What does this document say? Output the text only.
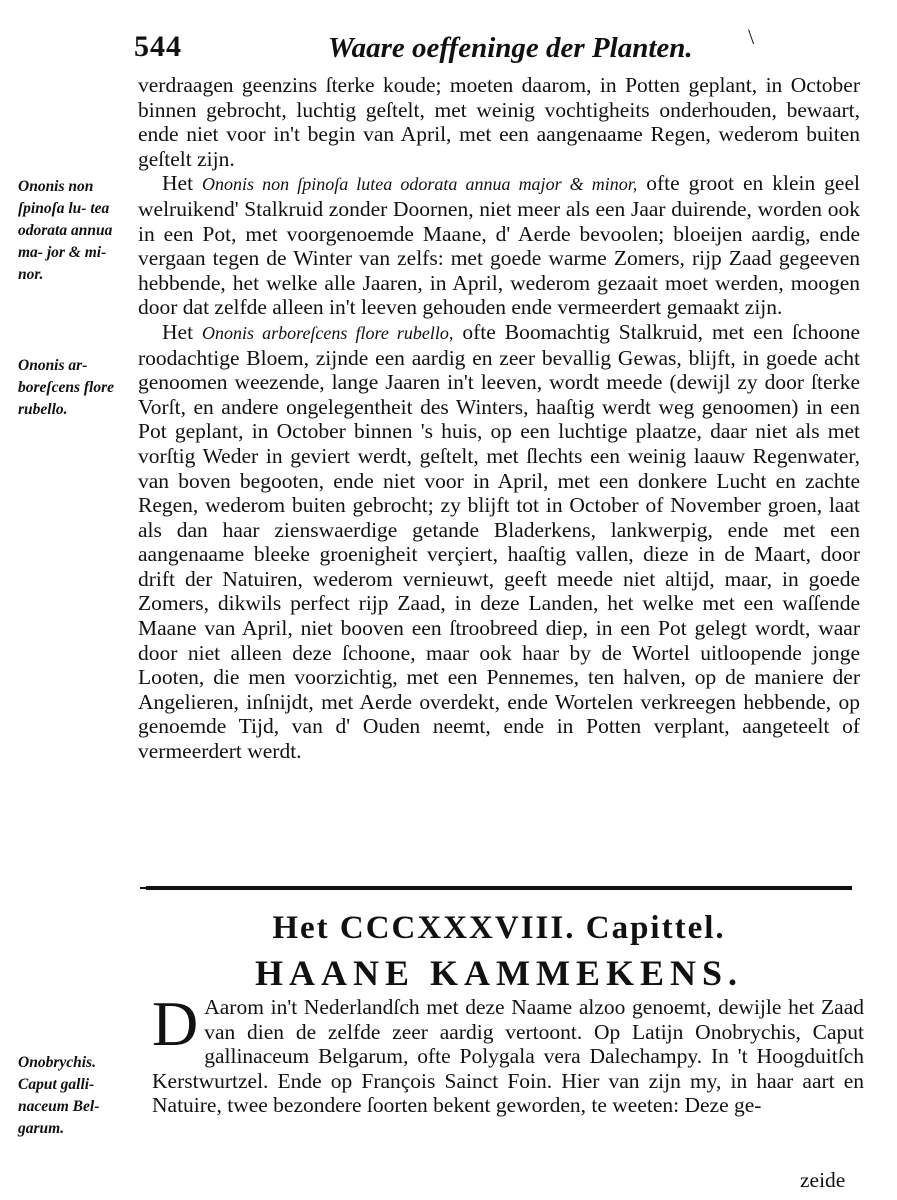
544	Waare oeffeninge der Planten.	\
Ononis non ſpinoſa lu- tea odorata annua ma- jor & mi- nor.
Ononis ar- boreſcens flore rubello.
Onobrychis. Caput galli- naceum Bel- garum.

verdraagen geenzins ſterke koude; moeten daarom, in Potten geplant, in October binnen gebrocht, luchtig geſtelt, met weinig vochtigheits onderhouden, bewaart, ende niet voor in't begin van April, met een aangenaame Regen, wederom buiten geſtelt zijn.

Het Ononis non ſpinoſa lutea odorata annua major & minor, ofte groot en klein geel welruikend' Stalkruid zonder Doornen, niet meer als een Jaar duirende, worden ook in een Pot, met voorgenoemde Maane, d' Aerde bevoolen; bloeijen aardig, ende vergaan tegen de Winter van zelfs: met goede warme Zomers, rijp Zaad gegeeven hebbende, het welke alle Jaaren, in April, wederom gezaait moet werden, moogen door dat zelfde alleen in't leeven gehouden ende vermeerdert gemaakt zijn.

Het Ononis arboreſcens flore rubello, ofte Boomachtig Stalkruid, met een ſchoone roodachtige Bloem, zijnde een aardig en zeer bevallig Gewas, blijft, in goede acht genoomen weezende, lange Jaaren in't leeven, wordt meede (dewijl zy door ſterke Vorſt, en andere ongelegentheit des Winters, haaſtig werdt weg genoomen) in een Pot geplant, in October binnen 's huis, op een luchtige plaatze, daar niet als met vorſtig Weder in geviert werdt, geſtelt, met ſlechts een weinig laauw Regenwater, van boven begooten, ende niet voor in April, met een donkere Lucht en zachte Regen, wederom buiten gebrocht; zy blijft tot in October of November groen, laat als dan haar zienswaerdige getande Bladerkens, lankwerpig, ende met een aangenaame bleeke groenigheit verçiert, haaſtig vallen, dieze in de Maart, door drift der Natuiren, wederom vernieuwt, geeft meede niet altijd, maar, in goede Zomers, dikwils perfect rijp Zaad, in deze Landen, het welke met een waſſende Maane van April, niet booven een ſtroobreed diep, in een Pot gelegt wordt, waar door niet alleen deze ſchoone, maar ook haar by de Wortel uitloopende jonge Looten, die men voorzichtig, met een Pennemes, ten halven, op de maniere der Angelieren, inſnijdt, met Aerde overdekt, ende Wortelen verkreegen hebbende, op genoemde Tijd, van d' Ouden neemt, ende in Potten verplant, aangeteelt of vermeerdert werdt.

Het CCCXXXVIII. Capittel.
HAANE KAMMEKENS.

D Aarom in't Nederlandſch met deze Naame alzoo genoemt, dewijle het Zaad van dien de zelfde zeer aardig vertoont. Op Latijn Onobrychis, Caput gallinaceum Belgarum, ofte Polygala vera Dalechampy. In 't Hoogduitſch Kerstwurtzel. Ende op François Sainct Foin. Hier van zijn my, in haar aart en Natuire, twee bezondere ſoorten bekent geworden, te weeten: Deze ge-

zeide
